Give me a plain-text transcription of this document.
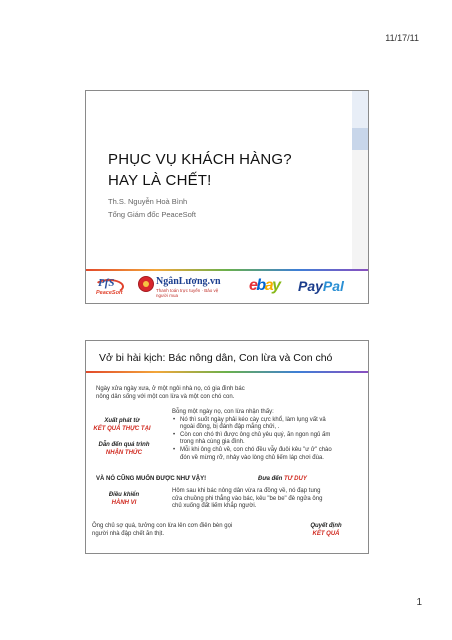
11/17/11
PHỤC VỤ KHÁCH HÀNG?
HAY LÀ CHẾT!
Th.S. Nguyễn Hoà Bình
Tổng Giám đốc PeaceSoft
PfS
PeaceSoft
NgânLượng.vn
Thanh toán trực tuyến · Bảo vệ người mua
ebay PayPal
Vở bi hài kịch: Bác nông dân, Con lừa và Con chó
Ngày xửa ngày xưa, ở một ngôi nhà nọ, có gia đình bác
nông dân sống với một con lừa và một con chó con.
Xuất phát từ
KẾT QUẢ THỰC TẠI
Dẫn đến quá trình
NHẬN THỨC
Bỗng một ngày nọ, con lừa nhận thấy:
• Nó thì suốt ngày phải kéo cày cực khổ, làm lụng vất vả
ngoài đồng, bị đánh đập mắng chửi, .
• Còn con chó thì được ông chủ yêu quý, ăn ngon ngủ ấm
trong nhà cùng gia đình.
• Mỗi khi ông chủ về, con chó đều vẫy đuôi kêu "ư ử" chào
đón về mừng rỡ, nhảy vào lòng chủ liếm láp chơi đùa.
VÀ NÓ CŨNG MUỐN ĐƯỢC NHƯ VẬY!	Đưa đến TƯ DUY
Điều khiển
HÀNH VI
Hôm sau khi bác nông dân vừa ra đồng về, nó đạp tung
cửa chuồng phi thẳng vào bác, kêu "be be" đè ngửa ông
chủ xuống đất liếm khắp người.
Ông chủ sợ quá, tưởng con lừa lên cơn điên bèn gọi
người nhà đập chết ăn thịt.
Quyết định
KẾT QUẢ
1
